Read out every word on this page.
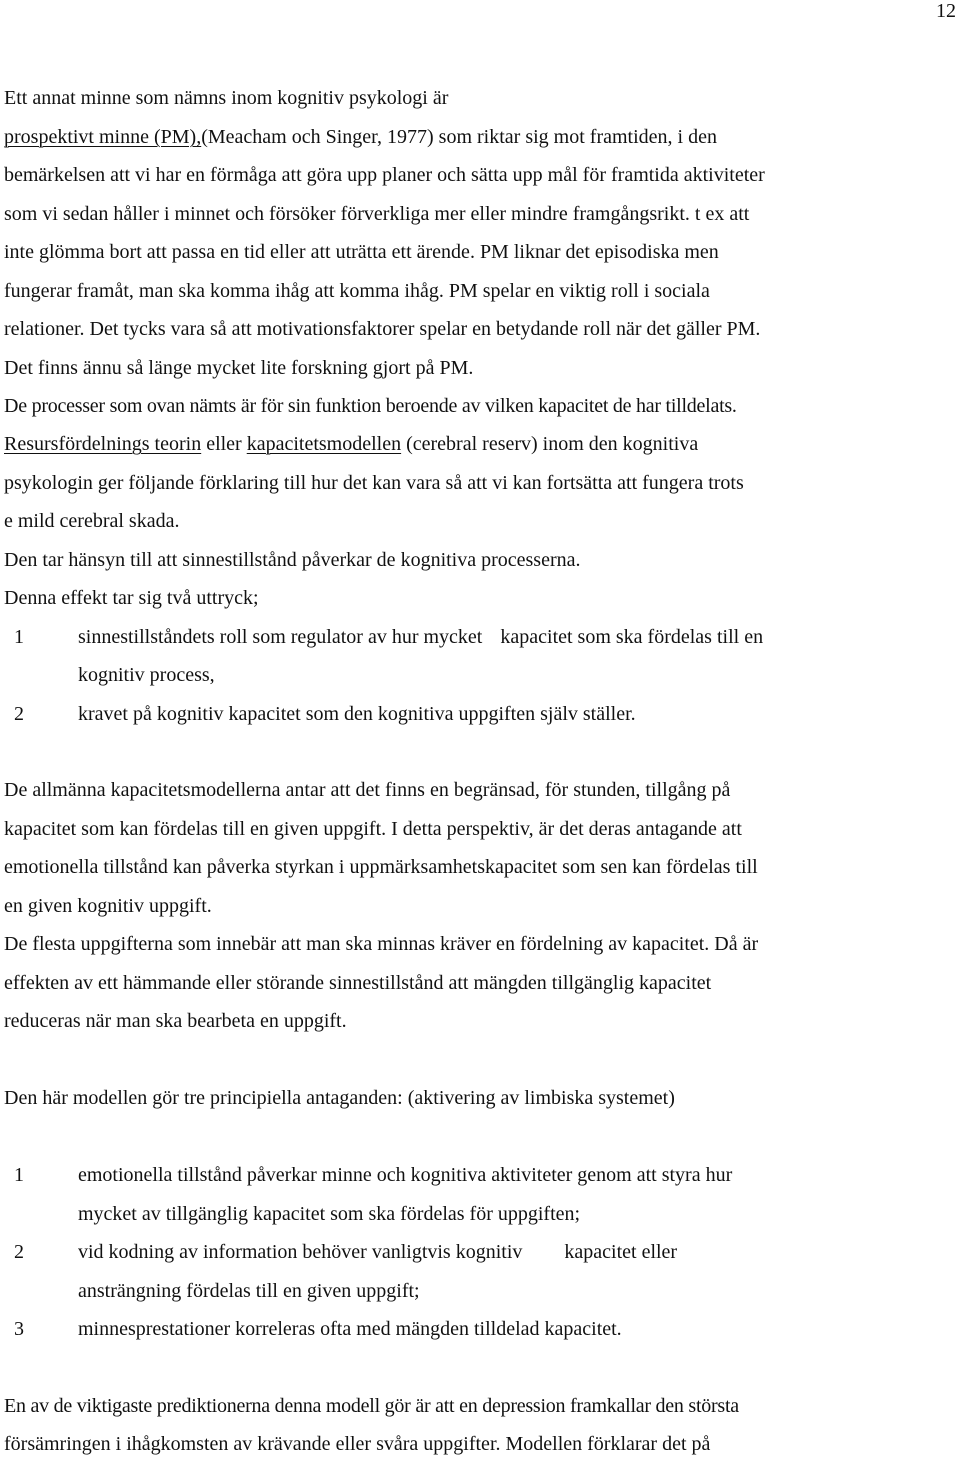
12
Ett annat minne som nämns inom kognitiv psykologi är
prospektivt minne (PM),(Meacham och Singer, 1977) som riktar sig mot framtiden, i den
bemärkelsen att vi har en förmåga att göra upp planer och sätta upp mål för framtida aktiviteter
som vi sedan håller i minnet och försöker förverkliga mer eller mindre framgångsrikt. t ex att
inte glömma bort att passa en tid eller att uträtta ett ärende. PM liknar det episodiska men
fungerar framåt, man ska komma ihåg att komma ihåg. PM spelar en viktig roll i sociala
relationer. Det tycks vara så att motivationsfaktorer spelar en betydande roll när det gäller PM.
Det finns ännu så länge mycket lite forskning gjort på PM.
De processer som ovan nämts är för sin funktion beroende av vilken kapacitet de har tilldelats.
Resursfördelnings teorin eller kapacitetsmodellen (cerebral reserv) inom den kognitiva
psykologin ger följande förklaring till hur det kan vara så att vi kan fortsätta att fungera trots
e mild cerebral skada.
Den tar hänsyn till att sinnestillstånd påverkar de kognitiva processerna.
Denna effekt tar sig två uttryck;
1	sinnestillståndets roll som regulator av hur mycket kapacitet som ska fördelas till en
kognitiv process,
2	kravet på kognitiv kapacitet som den kognitiva uppgiften själv ställer.
De allmänna kapacitetsmodellerna antar att det finns en begränsad, för stunden, tillgång på
kapacitet som kan fördelas till en given uppgift. I detta perspektiv, är det deras antagande att
emotionella tillstånd kan påverka styrkan i uppmärksamhetskapacitet som sen kan fördelas till
en given kognitiv uppgift.
De flesta uppgifterna som innebär att man ska minnas kräver en fördelning av kapacitet. Då är
effekten av ett hämmande eller störande sinnestillstånd att mängden tillgänglig kapacitet
reduceras när man ska bearbeta en uppgift.
Den här modellen gör tre principiella antaganden: (aktivering av limbiska systemet)
1	emotionella tillstånd påverkar minne och kognitiva aktiviteter genom att styra hur
mycket av tillgänglig kapacitet som ska fördelas för uppgiften;
2	vid kodning av information behöver vanligtvis kognitiv kapacitet eller
ansträngning fördelas till en given uppgift;
3	minnesprestationer korreleras ofta med mängden tilldelad kapacitet.
En av de viktigaste prediktionerna denna modell gör är att en depression framkallar den största
försämringen i ihågkomsten av krävande eller svåra uppgifter. Modellen förklarar det på
